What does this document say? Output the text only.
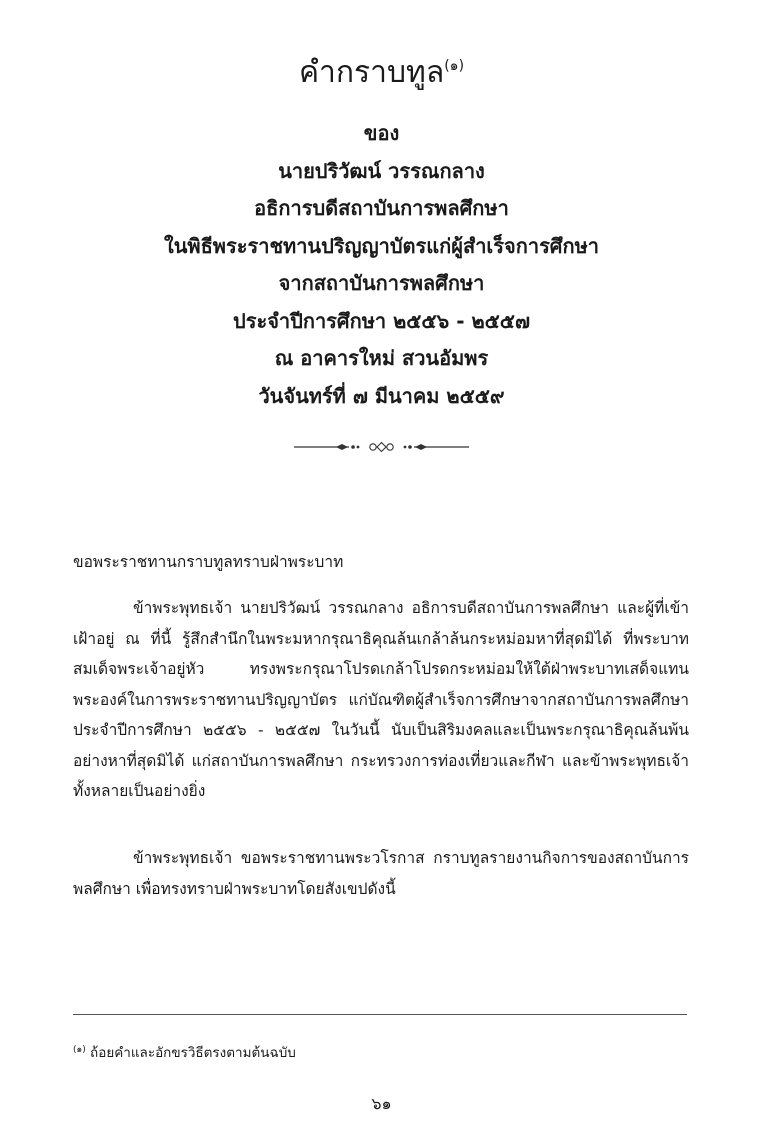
คำกราบทูล$^{(๑)}$
ของ
นายปริวัฒน์ วรรณกลาง
อธิการบดีสถาบันการพลศึกษา
ในพิธีพระราชทานปริญญาบัตรแก่ผู้สำเร็จการศึกษา
จากสถาบันการพลศึกษา
ประจำปีการศึกษา ๒๕๕๖ - ๒๕๕๗
ณ อาคารใหม่ สวนอัมพร
วันจันทร์ที่ ๗ มีนาคม ๒๕๕๙
ขอพระราชทานกราบทูลทราบฝ่าพระบาท
ข้าพระพุทธเจ้า นายปริวัฒน์ วรรณกลาง อธิการบดีสถาบันการพลศึกษา และผู้ที่เข้าเฝ้าอยู่ ณ ที่นี้ รู้สึกสำนึกในพระมหากรุณาธิคุณล้นเกล้าล้นกระหม่อมหาที่สุดมิได้ ที่พระบาทสมเด็จพระเจ้าอยู่หัว ทรงพระกรุณาโปรดเกล้าโปรดกระหม่อมให้ใต้ฝ่าพระบาทเสด็จแทนพระองค์ในการพระราชทานปริญญาบัตร แก่บัณฑิตผู้สำเร็จการศึกษาจากสถาบันการพลศึกษา ประจำปีการศึกษา ๒๕๕๖ - ๒๕๕๗ ในวันนี้ นับเป็นสิริมงคลและเป็นพระกรุณาธิคุณล้นพ้นอย่างหาที่สุดมิได้ แก่สถาบันการพลศึกษา กระทรวงการท่องเที่ยวและกีฬา และข้าพระพุทธเจ้าทั้งหลายเป็นอย่างยิ่ง
ข้าพระพุทธเจ้า ขอพระราชทานพระวโรกาส กราบทูลรายงานกิจการของสถาบันการพลศึกษา เพื่อทรงทราบฝ่าพระบาทโดยสังเขปดังนี้
$^{(๑)}$ ถ้อยคำและอักขรวิธีตรงตามต้นฉบับ
๖๑
